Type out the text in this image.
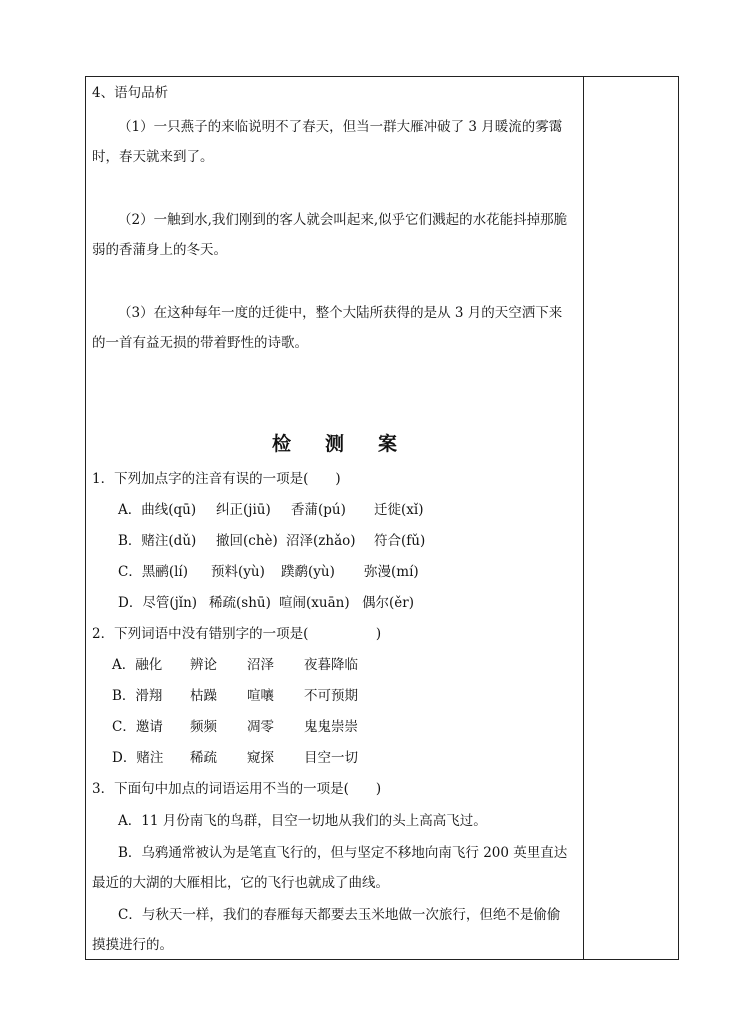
4、语句品析
（1）一只燕子的来临说明不了春天，但当一群大雁冲破了 3 月暖流的雾霭
时，春天就来到了。
（2）一触到水,我们刚到的客人就会叫起来,似乎它们溅起的水花能抖掉那脆
弱的香蒲身上的冬天。
（3）在这种每年一度的迁徙中，整个大陆所获得的是从 3 月的天空洒下来
的一首有益无损的带着野性的诗歌。
检 测 案
1．下列加点字的注音有误的一项是(　　)
A．曲线(qū) 纠正(jiū) 香蒲(pú) 迁徙(xǐ)
B．赌注(dǔ) 撤回(chè) 沼泽(zhǎo) 符合(fǔ)
C．黑鹂(lí) 预料(yù) 蹼鹬(yù) 弥漫(mí)
D．尽管(jǐn) 稀疏(shū) 喧闹(xuān) 偶尔(ěr)
2．下列词语中没有错别字的一项是(　　　　　)
A．融化 辨论 沼泽 夜暮降临
B．滑翔 枯躁 喧嚷 不可预期
C．邀请 频频 凋零 鬼鬼崇崇
D．赌注 稀疏 窥探 目空一切
3．下面句中加点的词语运用不当的一项是(　　)
A．11 月份南飞的鸟群，目空一切地从我们的头上高高飞过。
B．乌鸦通常被认为是笔直飞行的，但与坚定不移地向南飞行 200 英里直达
最近的大湖的大雁相比，它的飞行也就成了曲线。
C．与秋天一样，我们的春雁每天都要去玉米地做一次旅行，但绝不是偷偷
摸摸进行的。
